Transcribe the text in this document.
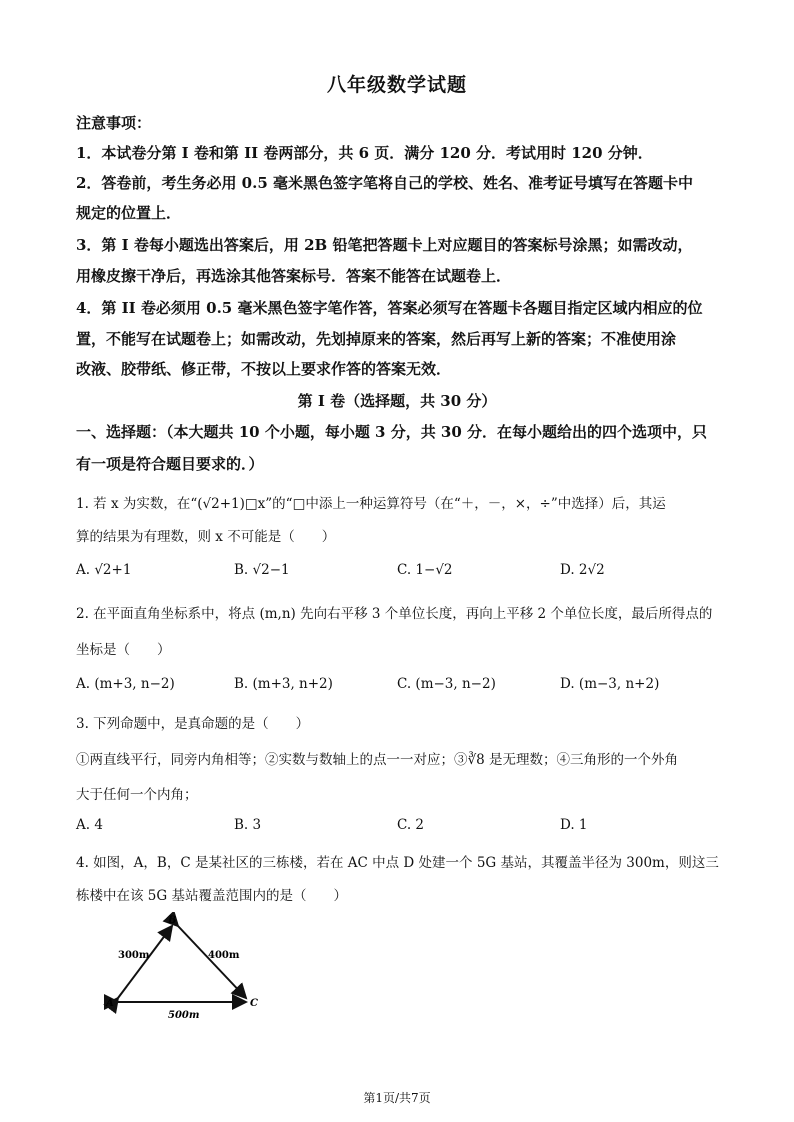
八年级数学试题
注意事项：
1．本试卷分第 I 卷和第 II 卷两部分，共 6 页．满分 120 分．考试用时 120 分钟．
2．答卷前，考生务必用 0.5 毫米黑色签字笔将自己的学校、姓名、准考证号填写在答题卡中
规定的位置上．
3．第 I 卷每小题选出答案后，用 2B 铅笔把答题卡上对应题目的答案标号涂黑；如需改动，
用橡皮擦干净后，再选涂其他答案标号．答案不能答在试题卷上．
4．第 II 卷必须用 0.5 毫米黑色签字笔作答，答案必须写在答题卡各题目指定区域内相应的位
置，不能写在试题卷上；如需改动，先划掉原来的答案，然后再写上新的答案；不准使用涂
改液、胶带纸、修正带，不按以上要求作答的答案无效．
第 I 卷（选择题，共 30 分）
一、选择题：（本大题共 10 个小题，每小题 3 分，共 30 分．在每小题给出的四个选项中，只
有一项是符合题目要求的．）
1. 若 x 为实数，在“(√2+1)□x”的“□中添上一种运算符号（在“＋，－，×，÷”中选择）后，其运
算的结果为有理数，则 x 不可能是（　　）
A. √2+1	B. √2−1	C. 1−√2	D. 2√2
2. 在平面直角坐标系中，将点 (m,n) 先向右平移 3 个单位长度，再向上平移 2 个单位长度，最后所得点的
坐标是（　　）
A. (m+3, n−2)	B. (m+3, n+2)	C. (m−3, n−2)	D. (m−3, n+2)
3. 下列命题中，是真命题的是（　　）
①两直线平行，同旁内角相等；②实数与数轴上的点一一对应；③∛8 是无理数；④三角形的一个外角
大于任何一个内角；
A. 4	B. 3	C. 2	D. 1
4. 如图，A，B，C 是某社区的三栋楼，若在 AC 中点 D 处建一个 5G 基站，其覆盖半径为 300m，则这三
栋楼中在该 5G 基站覆盖范围内的是（　　）
B
A	C
300m	400m
500m
第1页/共7页
